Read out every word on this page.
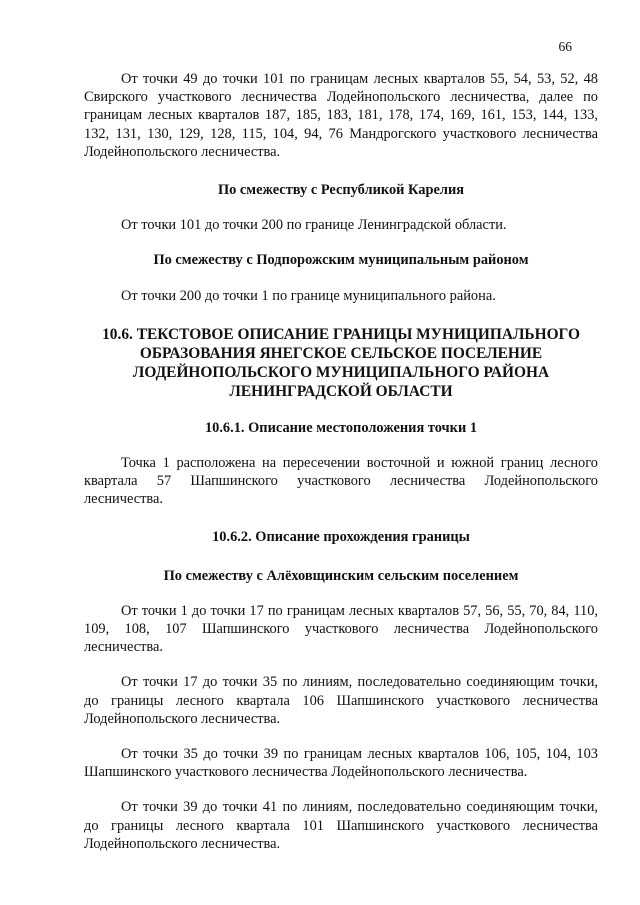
66

От точки 49 до точки 101 по границам лесных кварталов 55, 54, 53, 52, 48 Свирского участкового лесничества Лодейнопольского лесничества, далее по границам лесных кварталов 187, 185, 183, 181, 178, 174, 169, 161, 153, 144, 133, 132, 131, 130, 129, 128, 115, 104, 94, 76 Мандрогского участкового лесничества Лодейнопольского лесничества.

По смежеству с Республикой Карелия

От точки 101 до точки 200 по границе Ленинградской области.

По смежеству с Подпорожским муниципальным районом

От точки 200 до точки 1 по границе муниципального района.

10.6. ТЕКСТОВОЕ ОПИСАНИЕ ГРАНИЦЫ МУНИЦИПАЛЬНОГО ОБРАЗОВАНИЯ ЯНЕГСКОЕ СЕЛЬСКОЕ ПОСЕЛЕНИЕ ЛОДЕЙНОПОЛЬСКОГО МУНИЦИПАЛЬНОГО РАЙОНА ЛЕНИНГРАДСКОЙ ОБЛАСТИ
10.6.1. Описание местоположения точки 1

Точка 1 расположена на пересечении восточной и южной границ лесного квартала 57 Шапшинского участкового лесничества Лодейнопольского лесничества.

10.6.2. Описание прохождения границы
По смежеству с Алёховщинским сельским поселением

От точки 1 до точки 17 по границам лесных кварталов 57, 56, 55, 70, 84, 110, 109, 108, 107 Шапшинского участкового лесничества Лодейнопольского лесничества.

От точки 17 до точки 35 по линиям, последовательно соединяющим точки, до границы лесного квартала 106 Шапшинского участкового лесничества Лодейнопольского лесничества.

От точки 35 до точки 39 по границам лесных кварталов 106, 105, 104, 103 Шапшинского участкового лесничества Лодейнопольского лесничества.

От точки 39 до точки 41 по линиям, последовательно соединяющим точки, до границы лесного квартала 101 Шапшинского участкового лесничества Лодейнопольского лесничества.
